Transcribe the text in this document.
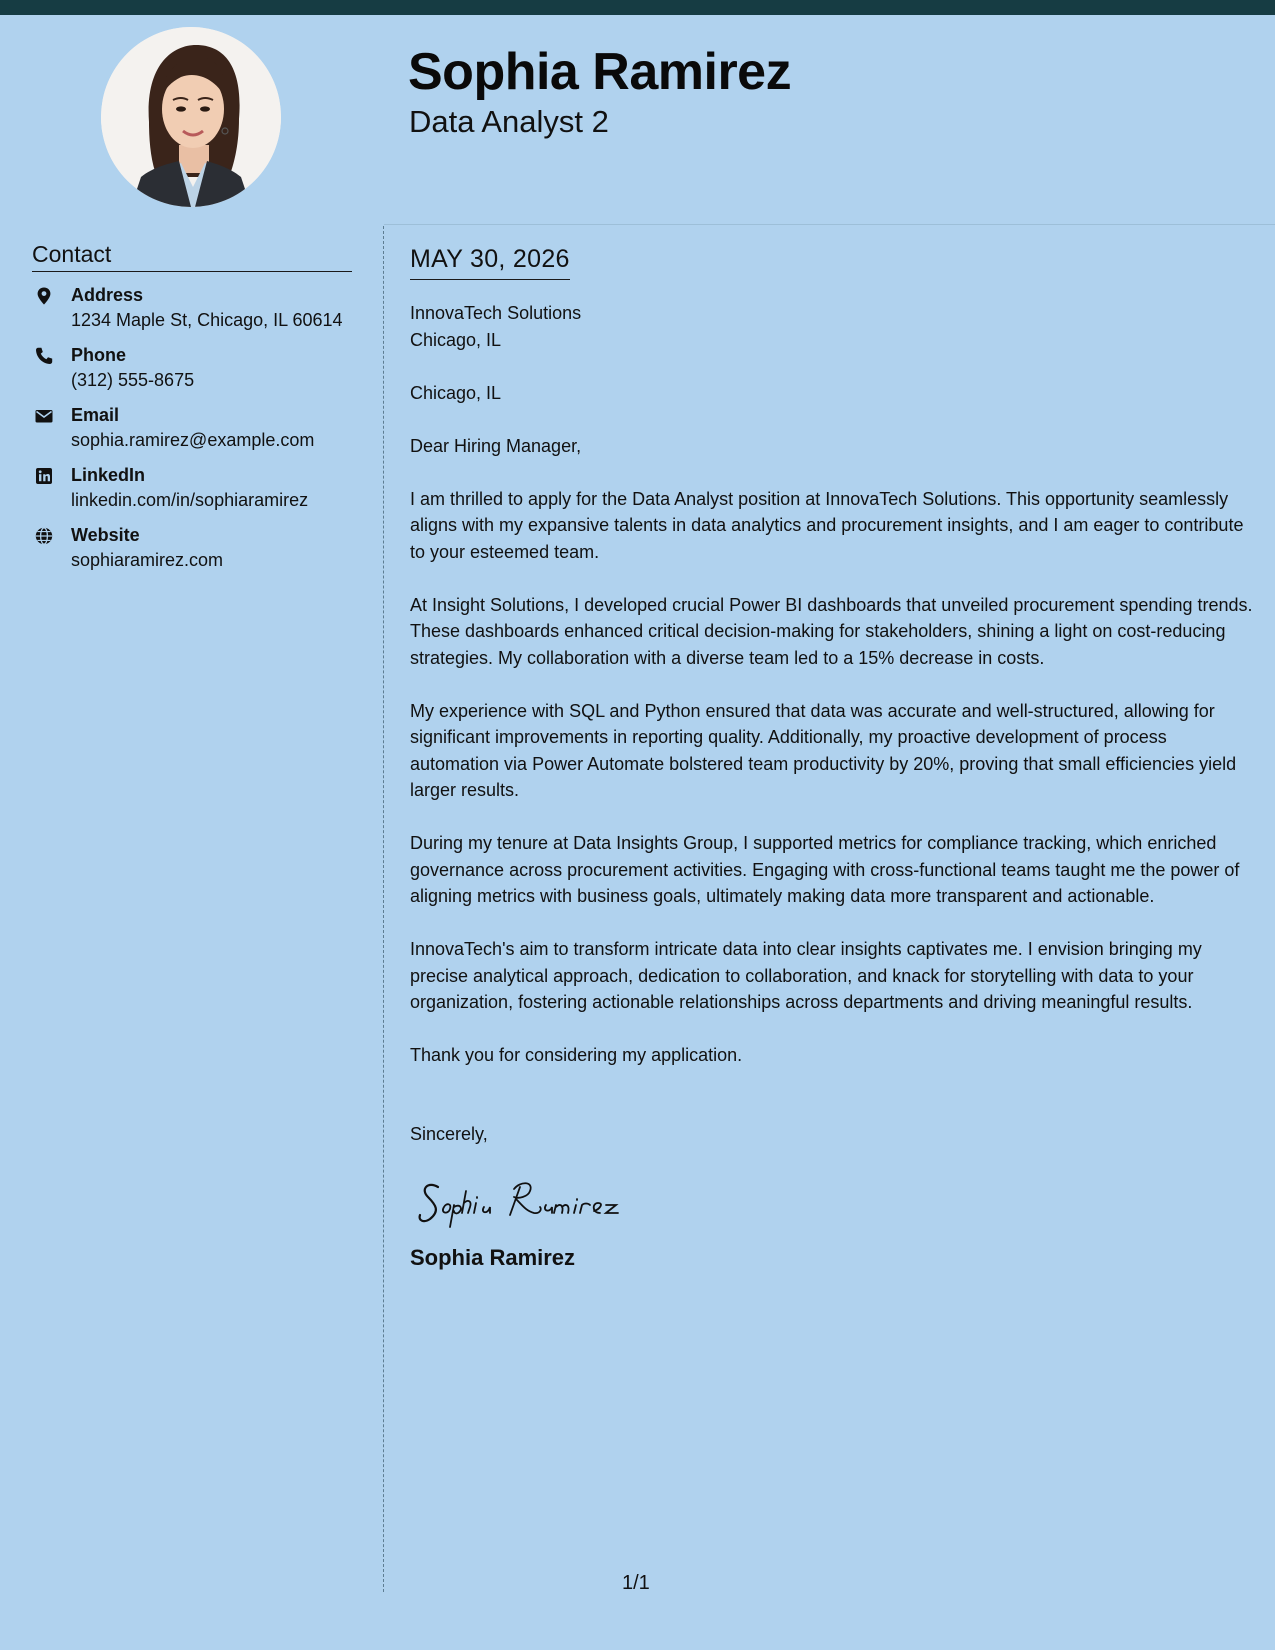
Sophia Ramirez
Data Analyst 2
Contact
Address
1234 Maple St, Chicago, IL 60614
Phone
(312) 555-8675
Email
sophia.ramirez@example.com
LinkedIn
linkedin.com/in/sophiaramirez
Website
sophiaramirez.com
MAY 30, 2026

InnovaTech Solutions

Chicago, IL

Chicago, IL

Dear Hiring Manager,

I am thrilled to apply for the Data Analyst position at InnovaTech Solutions. This opportunity seamlessly aligns with my expansive talents in data analytics and procurement insights, and I am eager to contribute to your esteemed team.

At Insight Solutions, I developed crucial Power BI dashboards that unveiled procurement spending trends. These dashboards enhanced critical decision-making for stakeholders, shining a light on cost-reducing strategies. My collaboration with a diverse team led to a 15% decrease in costs.

My experience with SQL and Python ensured that data was accurate and well-structured, allowing for significant improvements in reporting quality. Additionally, my proactive development of process automation via Power Automate bolstered team productivity by 20%, proving that small efficiencies yield larger results.

During my tenure at Data Insights Group, I supported metrics for compliance tracking, which enriched governance across procurement activities. Engaging with cross-functional teams taught me the power of aligning metrics with business goals, ultimately making data more transparent and actionable.

InnovaTech's aim to transform intricate data into clear insights captivates me. I envision bringing my precise analytical approach, dedication to collaboration, and knack for storytelling with data to your organization, fostering actionable relationships across departments and driving meaningful results.

Thank you for considering my application.

Sincerely,

Sophia Ramirez
1/1
